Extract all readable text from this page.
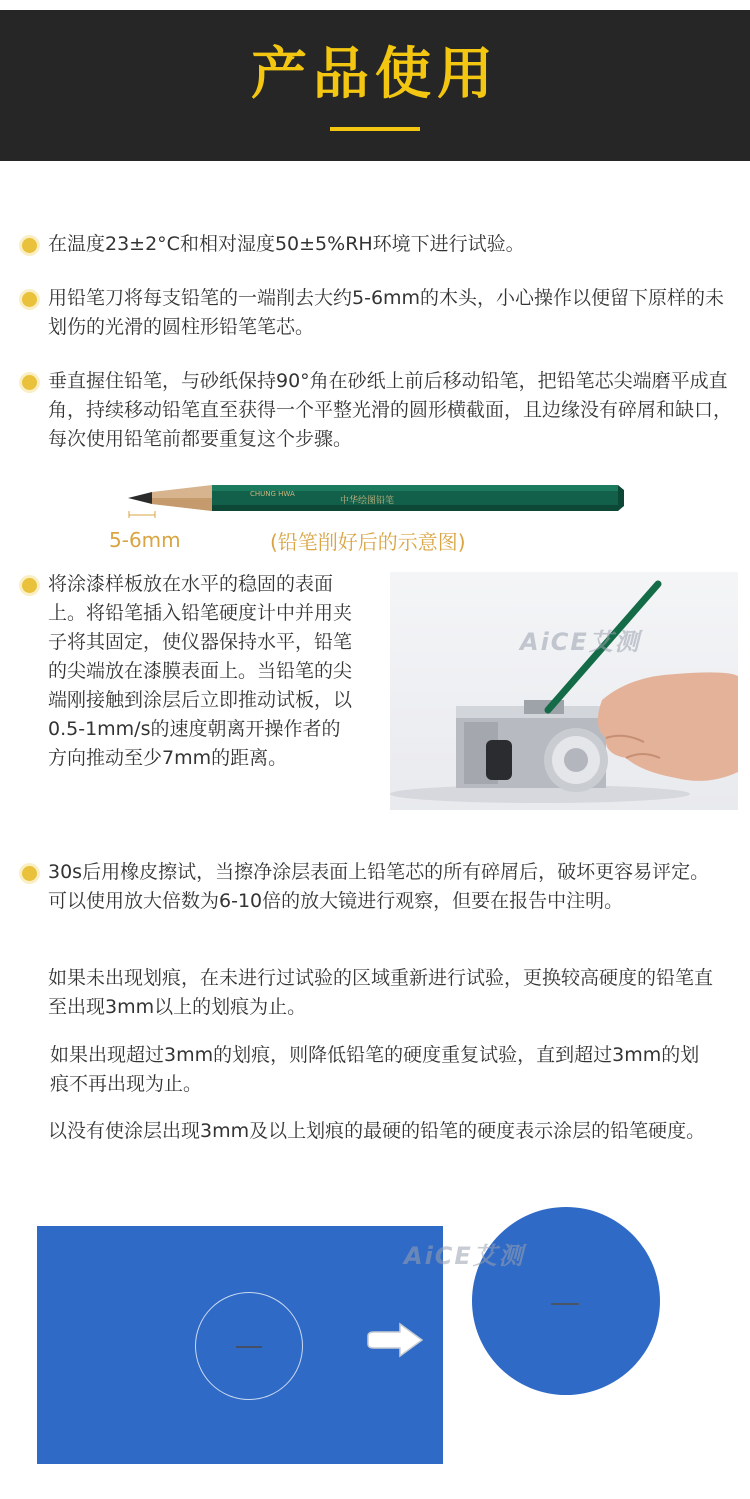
产品使用

在温度23±2°C和相对湿度50±5%RH环境下进行试验。

用铅笔刀将每支铅笔的一端削去大约5-6mm的木头，小心操作以便留下原样的未划伤的光滑的圆柱形铅笔笔芯。

垂直握住铅笔，与砂纸保持90°角在砂纸上前后移动铅笔，把铅笔芯尖端磨平成直角，持续移动铅笔直至获得一个平整光滑的圆形横截面，且边缘没有碎屑和缺口，每次使用铅笔前都要重复这个步骤。

CHUNG HWA
中华绘图铅笔
5-6mm	(铅笔削好后的示意图)

将涂漆样板放在水平的稳固的表面上。将铅笔插入铅笔硬度计中并用夹子将其固定，使仪器保持水平，铅笔的尖端放在漆膜表面上。当铅笔的尖端刚接触到涂层后立即推动试板，以0.5-1mm/s的速度朝离开操作者的方向推动至少7mm的距离。

AiCE艾测

30s后用橡皮擦试，当擦净涂层表面上铅笔芯的所有碎屑后，破坏更容易评定。可以使用放大倍数为6-10倍的放大镜进行观察，但要在报告中注明。

如果未出现划痕，在未进行过试验的区域重新进行试验，更换较高硬度的铅笔直至出现3mm以上的划痕为止。

如果出现超过3mm的划痕，则降低铅笔的硬度重复试验，直到超过3mm的划痕不再出现为止。

以没有使涂层出现3mm及以上划痕的最硬的铅笔的硬度表示涂层的铅笔硬度。

AiCE艾测
